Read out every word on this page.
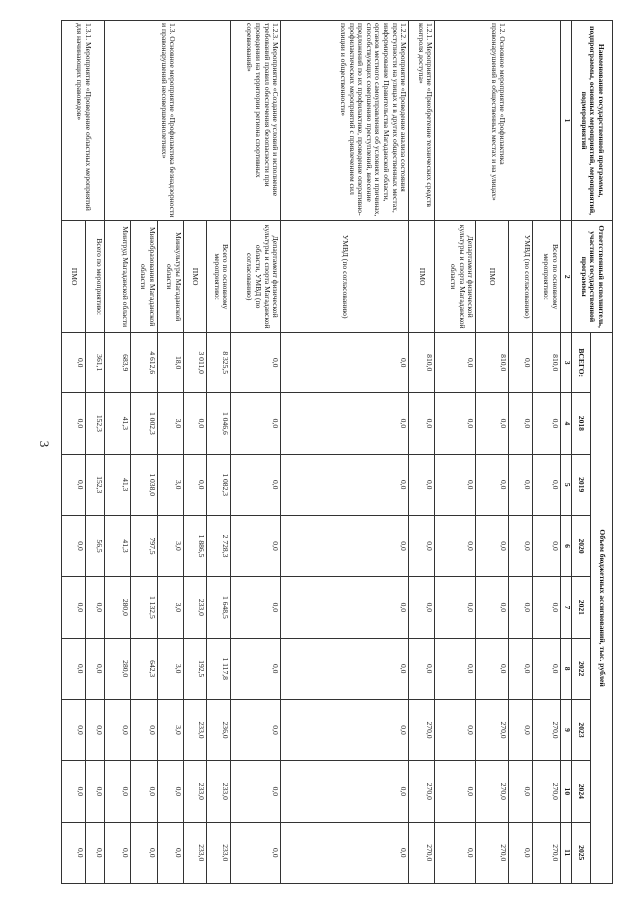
3
Наименование государственной программы, подпрограммы, основных мероприятий, мероприятий, подмероприятий	Ответственный исполнитель, участник государственной программы	Объем бюджетных ассигнований, тыс. рублей								
		ВСЕГО:	2018	2019	2020	2021	2022	2023	2024	2025
1	2	3	4	5	6	7	8	9	10	11
1.2. Основное мероприятие «Профилактика правонарушений в общественных местах и на улицах»	Всего по основному мероприятию:	810,0	0,0	0,0	0,0	0,0	0,0	270,0	270,0	270,0
	УМВД (по согласованию)	0,0	0,0	0,0	0,0	0,0	0,0	0,0	0,0	0,0
	ПМО	810,0	0,0	0,0	0,0	0,0	0,0	270,0	270,0	270,0
	Департамент физической культуры и спорта Магаданской области	0,0	0,0	0,0	0,0	0,0	0,0	0,0	0,0	0,0
1.2.1. Мероприятие «Приобретение технических средств контроля доступа»	ПМО	810,0	0,0	0,0	0,0	0,0	0,0	270,0	270,0	270,0
1.2.2. Мероприятие «Проведение анализа состояния преступности на улицах и в других общественных местах, информирование Правительства Магаданской области, органов местного самоуправления об условиях и причинах, способствующих совершению преступлений, внесение предложений по их профилактике, проведение оперативно-профилактических мероприятий с привлечением сил полиции и общественности»	УМВД (по согласованию)	0,0	0,0	0,0	0,0	0,0	0,0	0,0	0,0	0,0
1.2.3. Мероприятие «Создание условий и исполнение требований правил обеспечения безопасности при проведении на территории региона спортивных соревнований»	Департамент физической культуры и спорта Магаданской области, УМВД (по согласованию)	0,0	0,0	0,0	0,0	0,0	0,0	0,0	0,0	0,0
1.3. Основное мероприятие «Профилактика безнадзорности и правонарушений несовершеннолетних»	Всего по основному мероприятию:	8 325,5	1 046,6	1 082,3	2 728,3	1 648,5	1 117,8	236,0	233,0	233,0
	ПМО	3 011,0	0,0	0,0	1 886,5	233,0	192,5	233,0	233,0	233,0
	Минкультуры Магаданской области	18,0	3,0	3,0	3,0	3,0	3,0	3,0	0,0	0,0
	Минобразования Магаданской области	4 612,6	1 002,3	1 038,0	797,5	1 132,5	642,3	0,0	0,0	0,0
	Минтруд Магаданской области	683,9	41,3	41,3	41,3	280,0	280,0	0,0	0,0	0,0
1.3.1. Мероприятие «Проведение областных мероприятий для начинающих правоведов»	Всего по мероприятию:	361,1	152,3	152,3	56,5	0,0	0,0	0,0	0,0	0,0
	ПМО	0,0	0,0	0,0	0,0	0,0	0,0	0,0	0,0	0,0
